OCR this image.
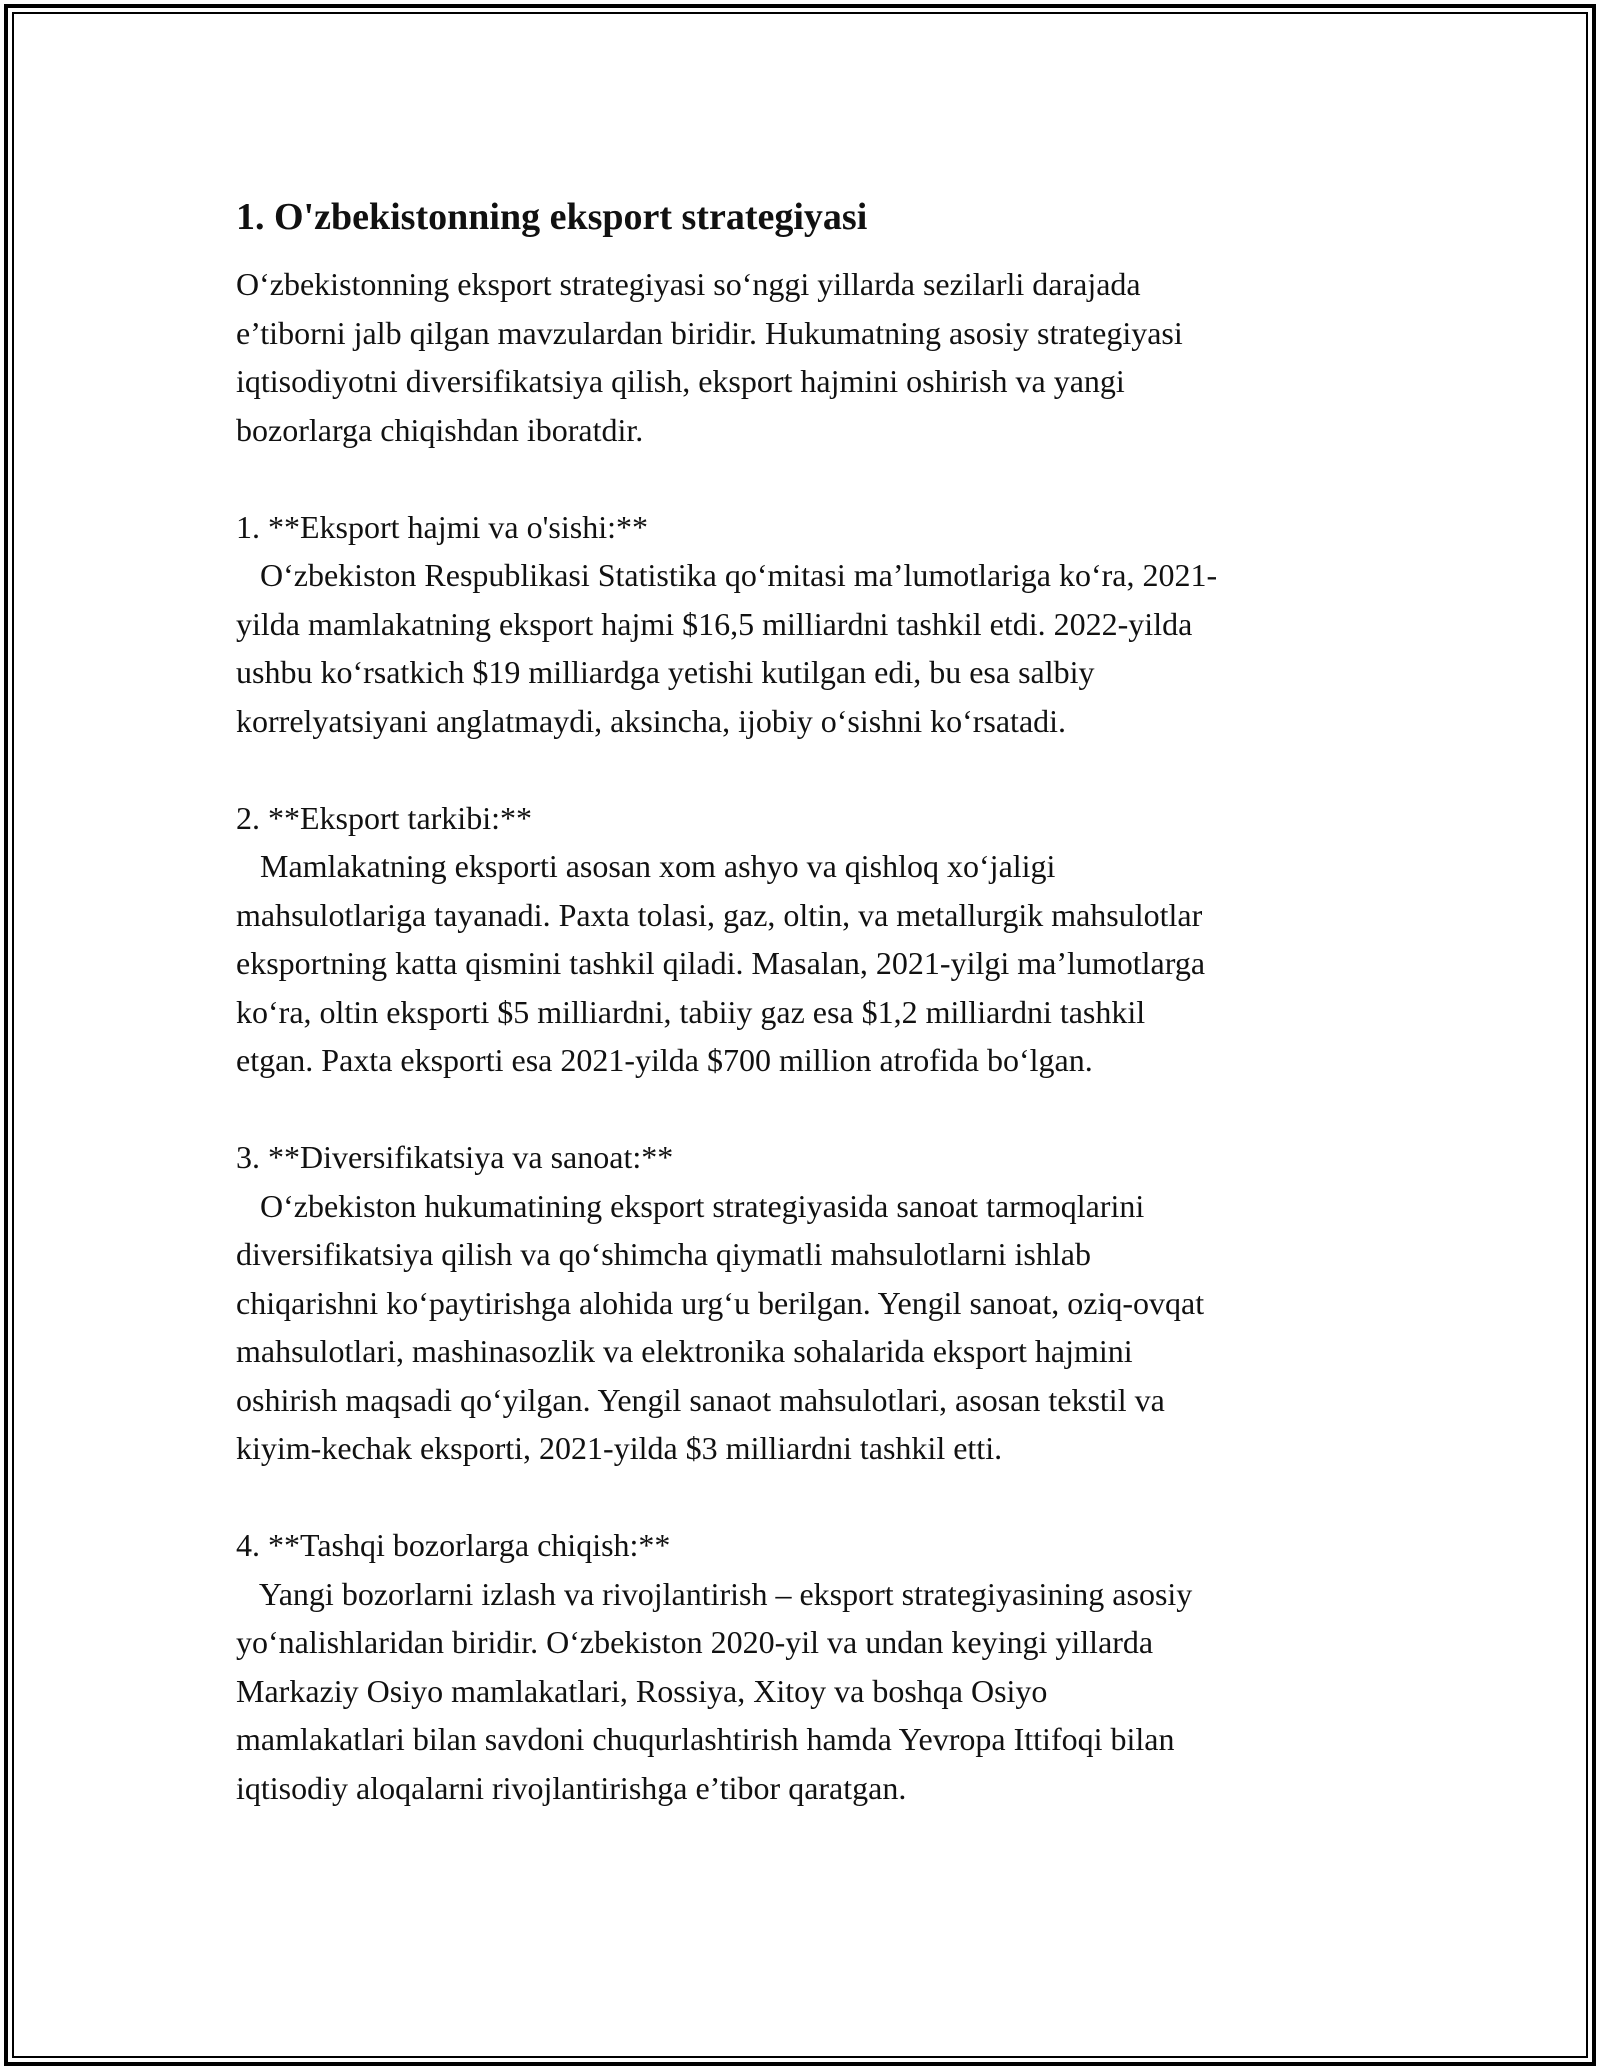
1. O'zbekistonning eksport strategiyasi
O‘zbekistonning eksport strategiyasi so‘nggi yillarda sezilarli darajada
e’tiborni jalb qilgan mavzulardan biridir. Hukumatning asosiy strategiyasi
iqtisodiyotni diversifikatsiya qilish, eksport hajmini oshirish va yangi
bozorlarga chiqishdan iboratdir.
1. **Eksport hajmi va o'sishi:**
O‘zbekiston Respublikasi Statistika qo‘mitasi ma’lumotlariga ko‘ra, 2021-
yilda mamlakatning eksport hajmi $16,5 milliardni tashkil etdi. 2022-yilda
ushbu ko‘rsatkich $19 milliardga yetishi kutilgan edi, bu esa salbiy
korrelyatsiyani anglatmaydi, aksincha, ijobiy o‘sishni ko‘rsatadi.
2. **Eksport tarkibi:**
Mamlakatning eksporti asosan xom ashyo va qishloq xo‘jaligi
mahsulotlariga tayanadi. Paxta tolasi, gaz, oltin, va metallurgik mahsulotlar
eksportning katta qismini tashkil qiladi. Masalan, 2021-yilgi ma’lumotlarga
ko‘ra, oltin eksporti $5 milliardni, tabiiy gaz esa $1,2 milliardni tashkil
etgan. Paxta eksporti esa 2021-yilda $700 million atrofida bo‘lgan.
3. **Diversifikatsiya va sanoat:**
O‘zbekiston hukumatining eksport strategiyasida sanoat tarmoqlarini
diversifikatsiya qilish va qo‘shimcha qiymatli mahsulotlarni ishlab
chiqarishni ko‘paytirishga alohida urg‘u berilgan. Yengil sanoat, oziq-ovqat
mahsulotlari, mashinasozlik va elektronika sohalarida eksport hajmini
oshirish maqsadi qo‘yilgan. Yengil sanaot mahsulotlari, asosan tekstil va
kiyim-kechak eksporti, 2021-yilda $3 milliardni tashkil etti.
4. **Tashqi bozorlarga chiqish:**
Yangi bozorlarni izlash va rivojlantirish – eksport strategiyasining asosiy
yo‘nalishlaridan biridir. O‘zbekiston 2020-yil va undan keyingi yillarda
Markaziy Osiyo mamlakatlari, Rossiya, Xitoy va boshqa Osiyo
mamlakatlari bilan savdoni chuqurlashtirish hamda Yevropa Ittifoqi bilan
iqtisodiy aloqalarni rivojlantirishga e’tibor qaratgan.
